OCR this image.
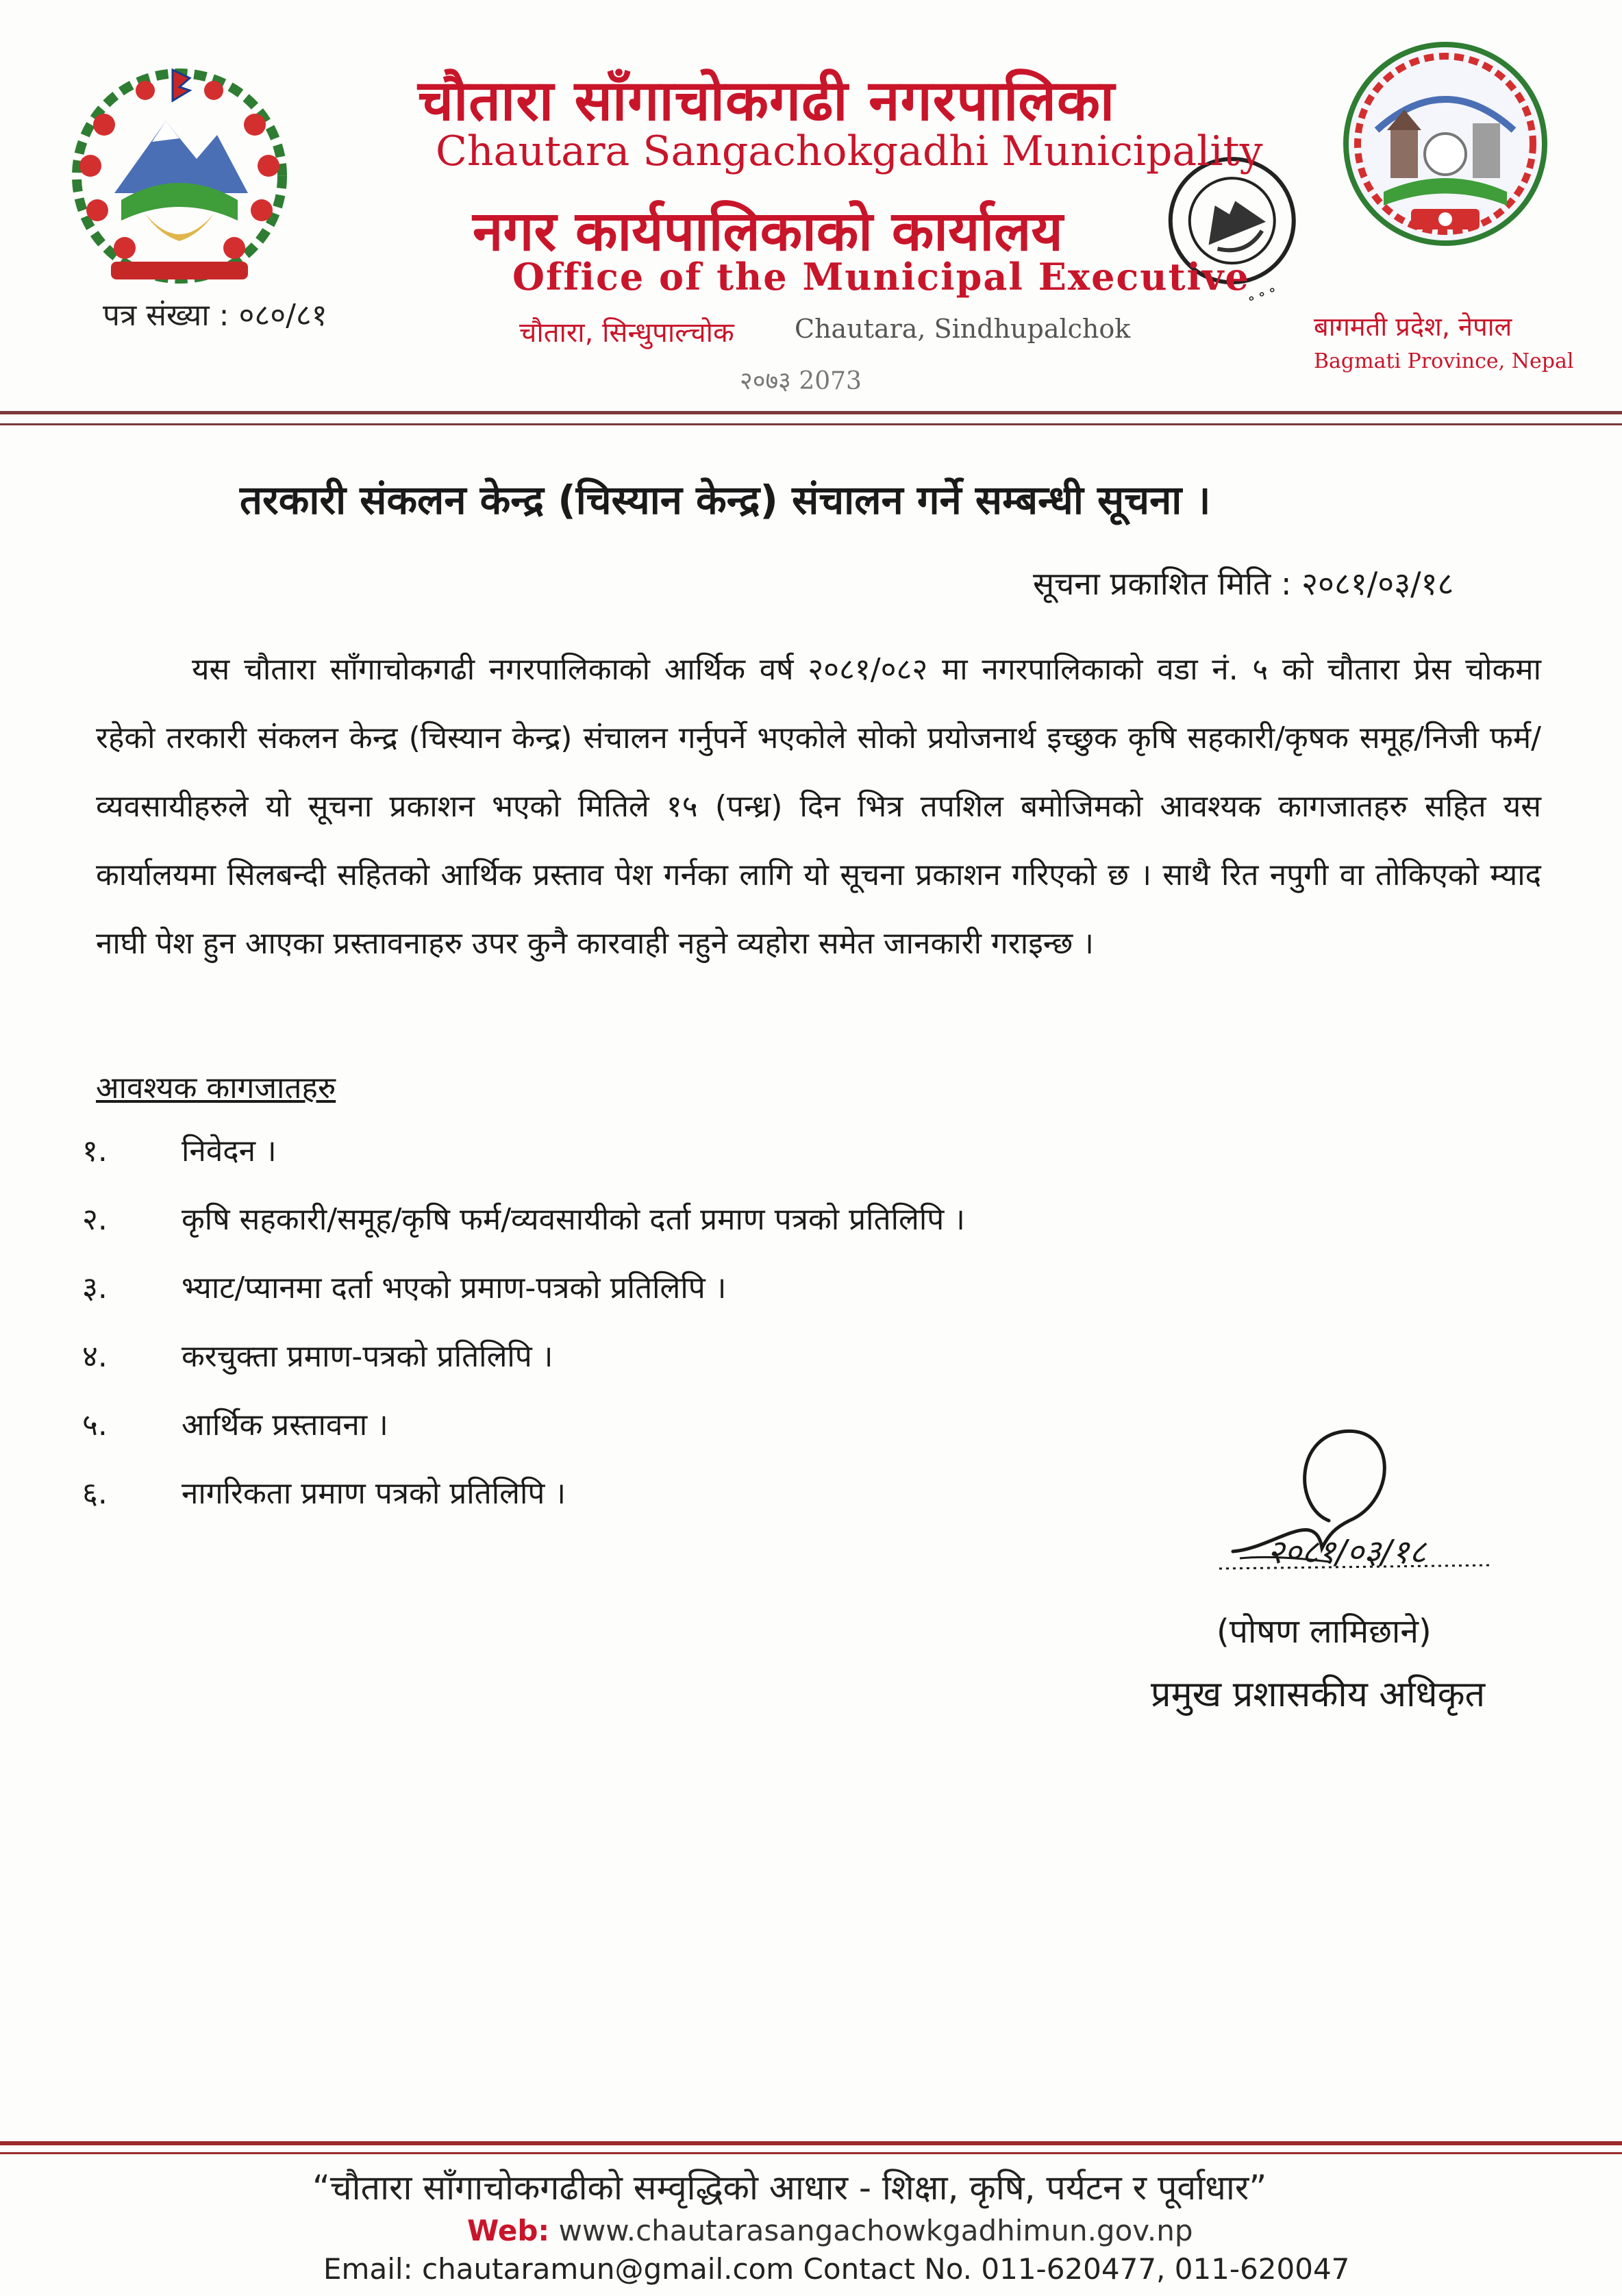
॰ ॰ ॰
चौतारा साँगाचोकगढी नगरपालिका
Chautara Sangachokgadhi Municipality
नगर कार्यपालिकाको कार्यालय
Office of the Municipal Executive
चौतारा, सिन्धुपाल्चोक Chautara, Sindhupalchok
२०७३ 2073
बागमती प्रदेश, नेपाल
Bagmati Province, Nepal
पत्र संख्या : ०८०/८१
तरकारी संकलन केन्द्र (चिस्यान केन्द्र) संचालन गर्ने सम्बन्धी सूचना ।
सूचना प्रकाशित मिति : २०८१/०३/१८
यस चौतारा साँगाचोकगढी नगरपालिकाको आर्थिक वर्ष २०८१/०८२ मा नगरपालिकाको वडा नं. ५ को चौतारा प्रेस चोकमा रहेको तरकारी संकलन केन्द्र (चिस्यान केन्द्र) संचालन गर्नुपर्ने भएकोले सोको प्रयोजनार्थ इच्छुक कृषि सहकारी/कृषक समूह/निजी फर्म/व्यवसायीहरुले यो सूचना प्रकाशन भएको मितिले १५ (पन्ध्र) दिन भित्र तपशिल बमोजिमको आवश्यक कागजातहरु सहित यस कार्यालयमा सिलबन्दी सहितको आर्थिक प्रस्ताव पेश गर्नका लागि यो सूचना प्रकाशन गरिएको छ । साथै रित नपुगी वा तोकिएको म्याद नाघी पेश हुन आएका प्रस्तावनाहरु उपर कुनै कारवाही नहुने व्यहोरा समेत जानकारी गराइन्छ ।
आवश्यक कागजातहरु
१.	निवेदन ।
२.	कृषि सहकारी/समूह/कृषि फर्म/व्यवसायीको दर्ता प्रमाण पत्रको प्रतिलिपि ।
३.	भ्याट/प्यानमा दर्ता भएको प्रमाण-पत्रको प्रतिलिपि ।
४.	करचुक्ता प्रमाण-पत्रको प्रतिलिपि ।
५.	आर्थिक प्रस्तावना ।
६.	नागरिकता प्रमाण पत्रको प्रतिलिपि ।
२०८१/०३/१८
(पोषण लामिछाने)
प्रमुख प्रशासकीय अधिकृत
“चौतारा साँगाचोकगढीको सम्वृद्धिको आधार - शिक्षा, कृषि, पर्यटन र पूर्वाधार”
Web: www.chautarasangachowkgadhimun.gov.np
Email: chautaramun@gmail.com Contact No. 011-620477, 011-620047
